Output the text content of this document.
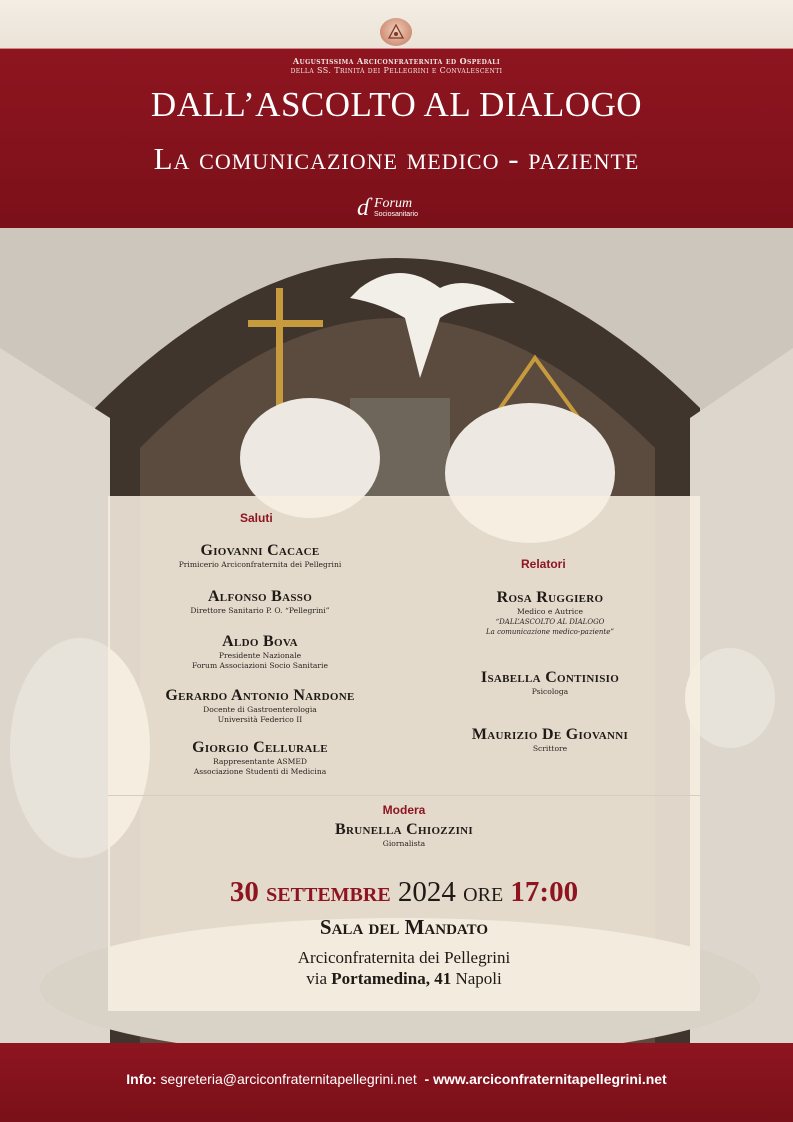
Augustissima Arciconfraternita ed Ospedali
della SS. Trinità dei Pellegrini e Convalescenti
DALL’ASCOLTO AL DIALOGO
La comunicazione medico - paziente
ɗ Forum
Sociosanitario
Saluti
Giovanni Cacace
Primicerio Arciconfraternita dei Pellegrini
Alfonso Basso
Direttore Sanitario P. O. “Pellegrini”
Aldo Bova
Presidente Nazionale
Forum Associazioni Socio Sanitarie
Gerardo Antonio Nardone
Docente di Gastroenterologia
Università Federico II
Giorgio Cellurale
Rappresentante ASMED
Associazione Studenti di Medicina
Relatori
Rosa Ruggiero
Medico e Autrice
“DALL’ASCOLTO AL DIALOGO
La comunicazione medico-paziente”
Isabella Continisio
Psicologa
Maurizio De Giovanni
Scrittore
Modera
Brunella Chiozzini
Giornalista
30 settembre 2024 ore 17:00
Sala del Mandato
Arciconfraternita dei Pellegrini
via Portamedina, 41 Napoli
Info: segreteria@arciconfraternitapellegrini.net - www.arciconfraternitapellegrini.net
